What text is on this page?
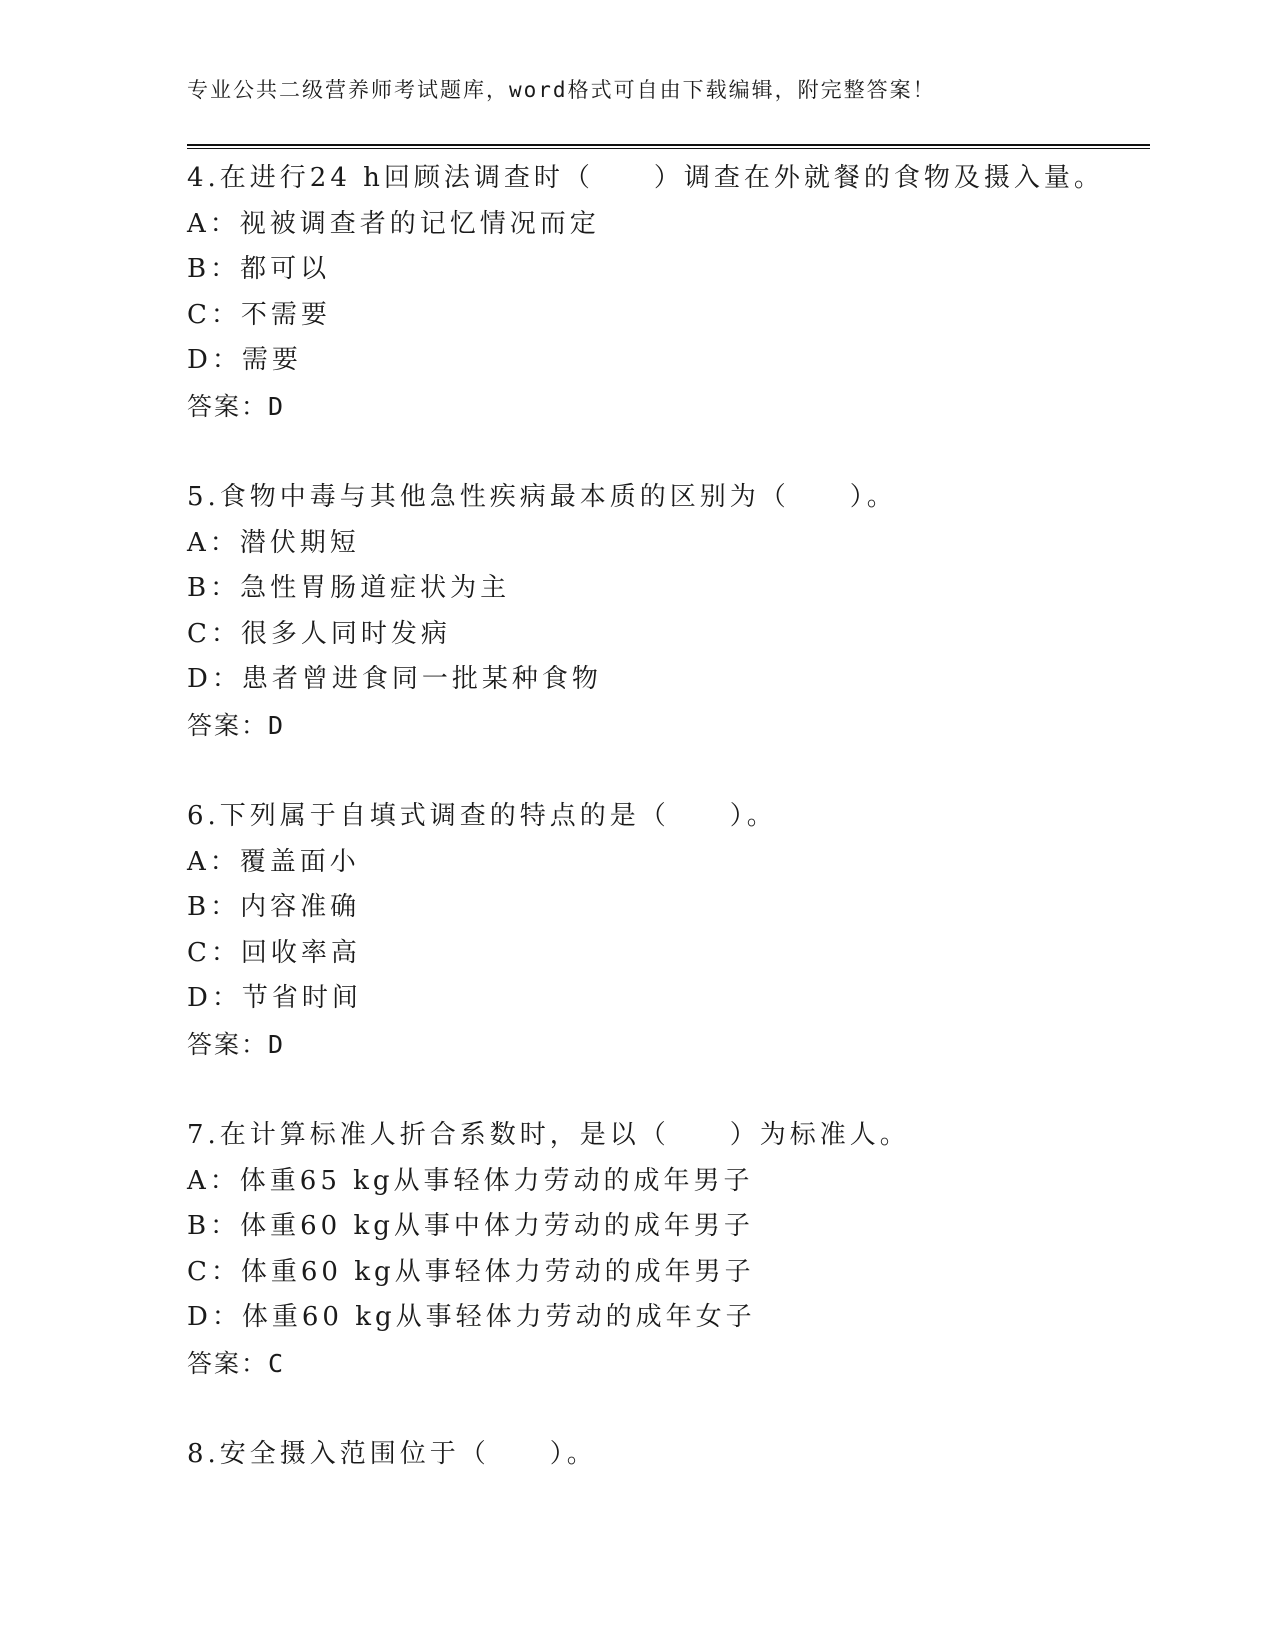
专业公共二级营养师考试题库，word格式可自由下载编辑，附完整答案！
4.在进行24 h回顾法调查时（　　）调查在外就餐的食物及摄入量。
A：视被调查者的记忆情况而定
B：都可以
C：不需要
D：需要
答案：D
5.食物中毒与其他急性疾病最本质的区别为（　　）。
A：潜伏期短
B：急性胃肠道症状为主
C：很多人同时发病
D：患者曾进食同一批某种食物
答案：D
6.下列属于自填式调查的特点的是（　　）。
A：覆盖面小
B：内容准确
C：回收率高
D：节省时间
答案：D
7.在计算标准人折合系数时，是以（　　）为标准人。
A：体重65 kg从事轻体力劳动的成年男子
B：体重60 kg从事中体力劳动的成年男子
C：体重60 kg从事轻体力劳动的成年男子
D：体重60 kg从事轻体力劳动的成年女子
答案：C
8.安全摄入范围位于（　　）。
